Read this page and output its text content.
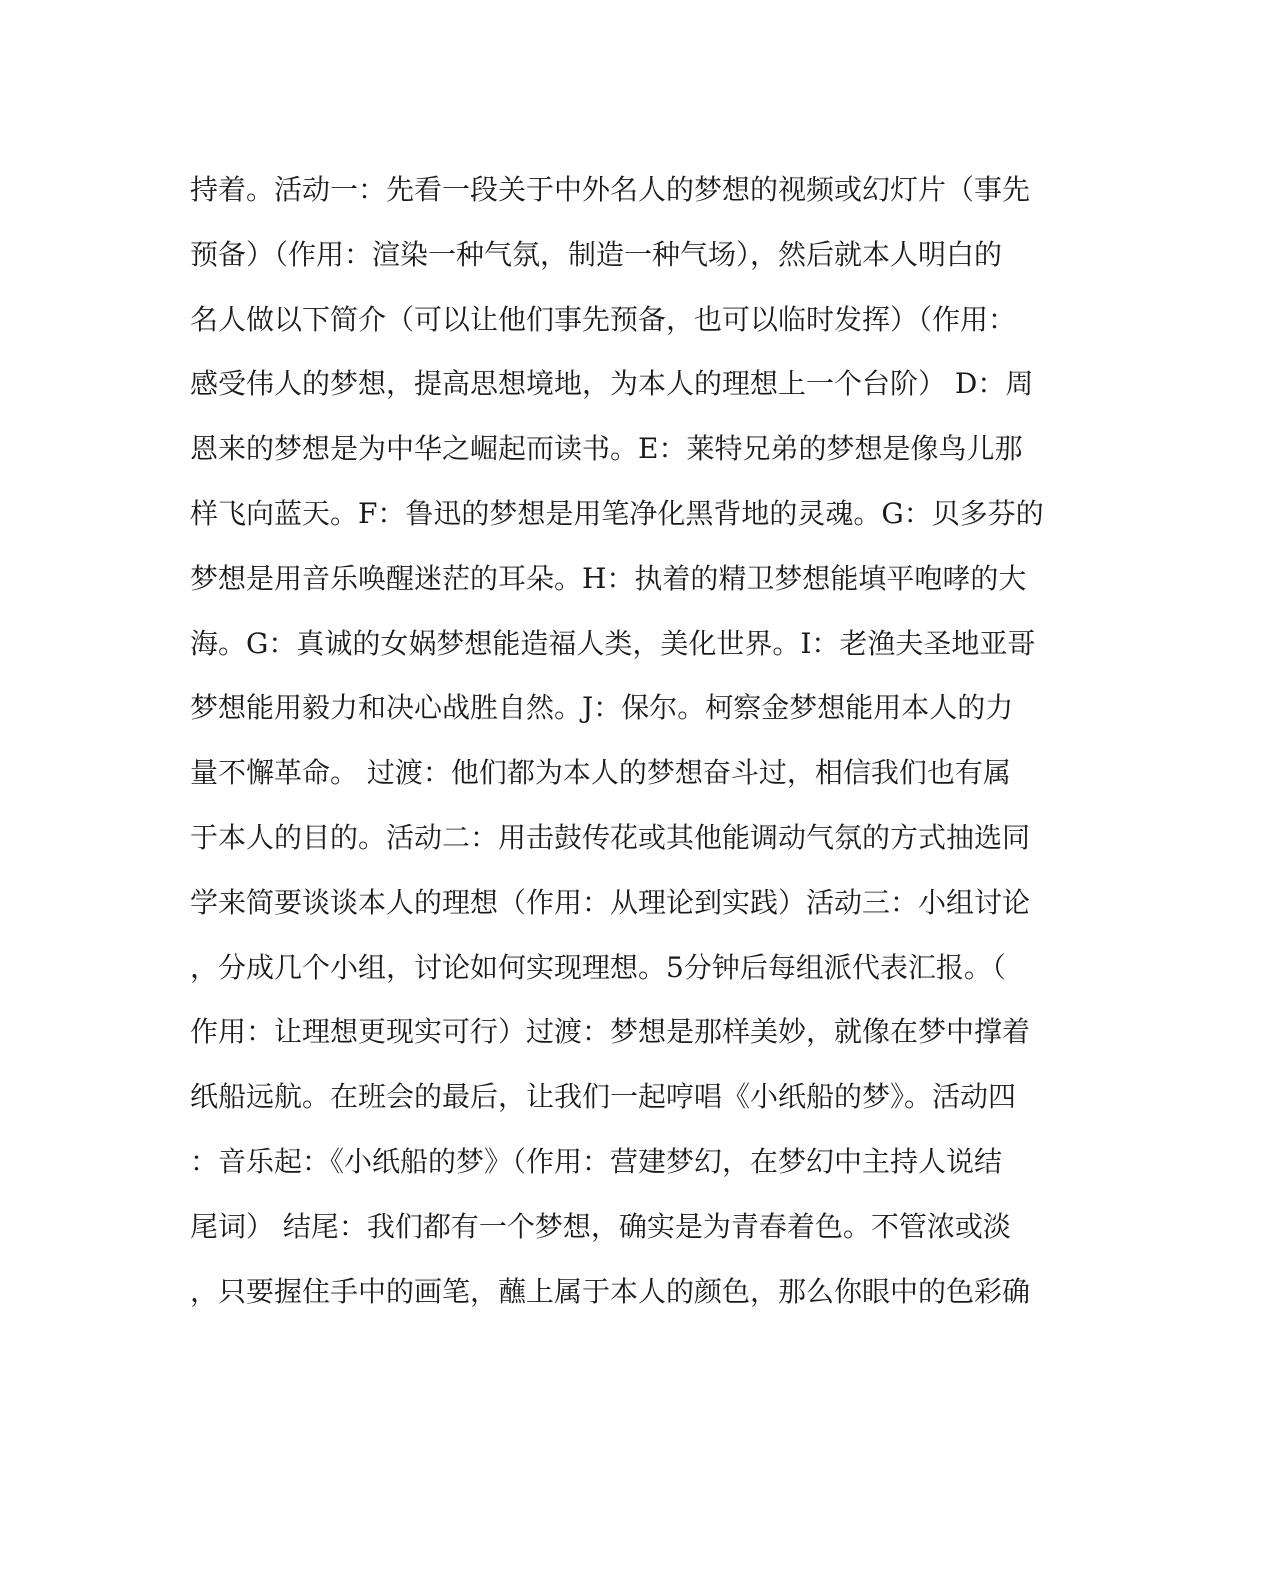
持着。活动一：先看一段关于中外名人的梦想的视频或幻灯片（事先
预备）（作用：渲染一种气氛，制造一种气场），然后就本人明白的
名人做以下简介（可以让他们事先预备，也可以临时发挥）（作用：
感受伟人的梦想，提高思想境地，为本人的理想上一个台阶） D：周
恩来的梦想是为中华之崛起而读书。E：莱特兄弟的梦想是像鸟儿那
样飞向蓝天。F：鲁迅的梦想是用笔净化黑背地的灵魂。G：贝多芬的
梦想是用音乐唤醒迷茫的耳朵。H：执着的精卫梦想能填平咆哮的大
海。G：真诚的女娲梦想能造福人类，美化世界。I：老渔夫圣地亚哥
梦想能用毅力和决心战胜自然。J：保尔。柯察金梦想能用本人的力
量不懈革命。 过渡：他们都为本人的梦想奋斗过，相信我们也有属
于本人的目的。活动二：用击鼓传花或其他能调动气氛的方式抽选同
学来简要谈谈本人的理想（作用：从理论到实践）活动三：小组讨论
，分成几个小组，讨论如何实现理想。5分钟后每组派代表汇报。（
作用：让理想更现实可行）过渡：梦想是那样美妙，就像在梦中撑着
纸船远航。在班会的最后，让我们一起哼唱《小纸船的梦》。活动四
：音乐起：《小纸船的梦》（作用：营建梦幻，在梦幻中主持人说结
尾词） 结尾：我们都有一个梦想，确实是为青春着色。不管浓或淡
，只要握住手中的画笔，蘸上属于本人的颜色，那么你眼中的色彩确
